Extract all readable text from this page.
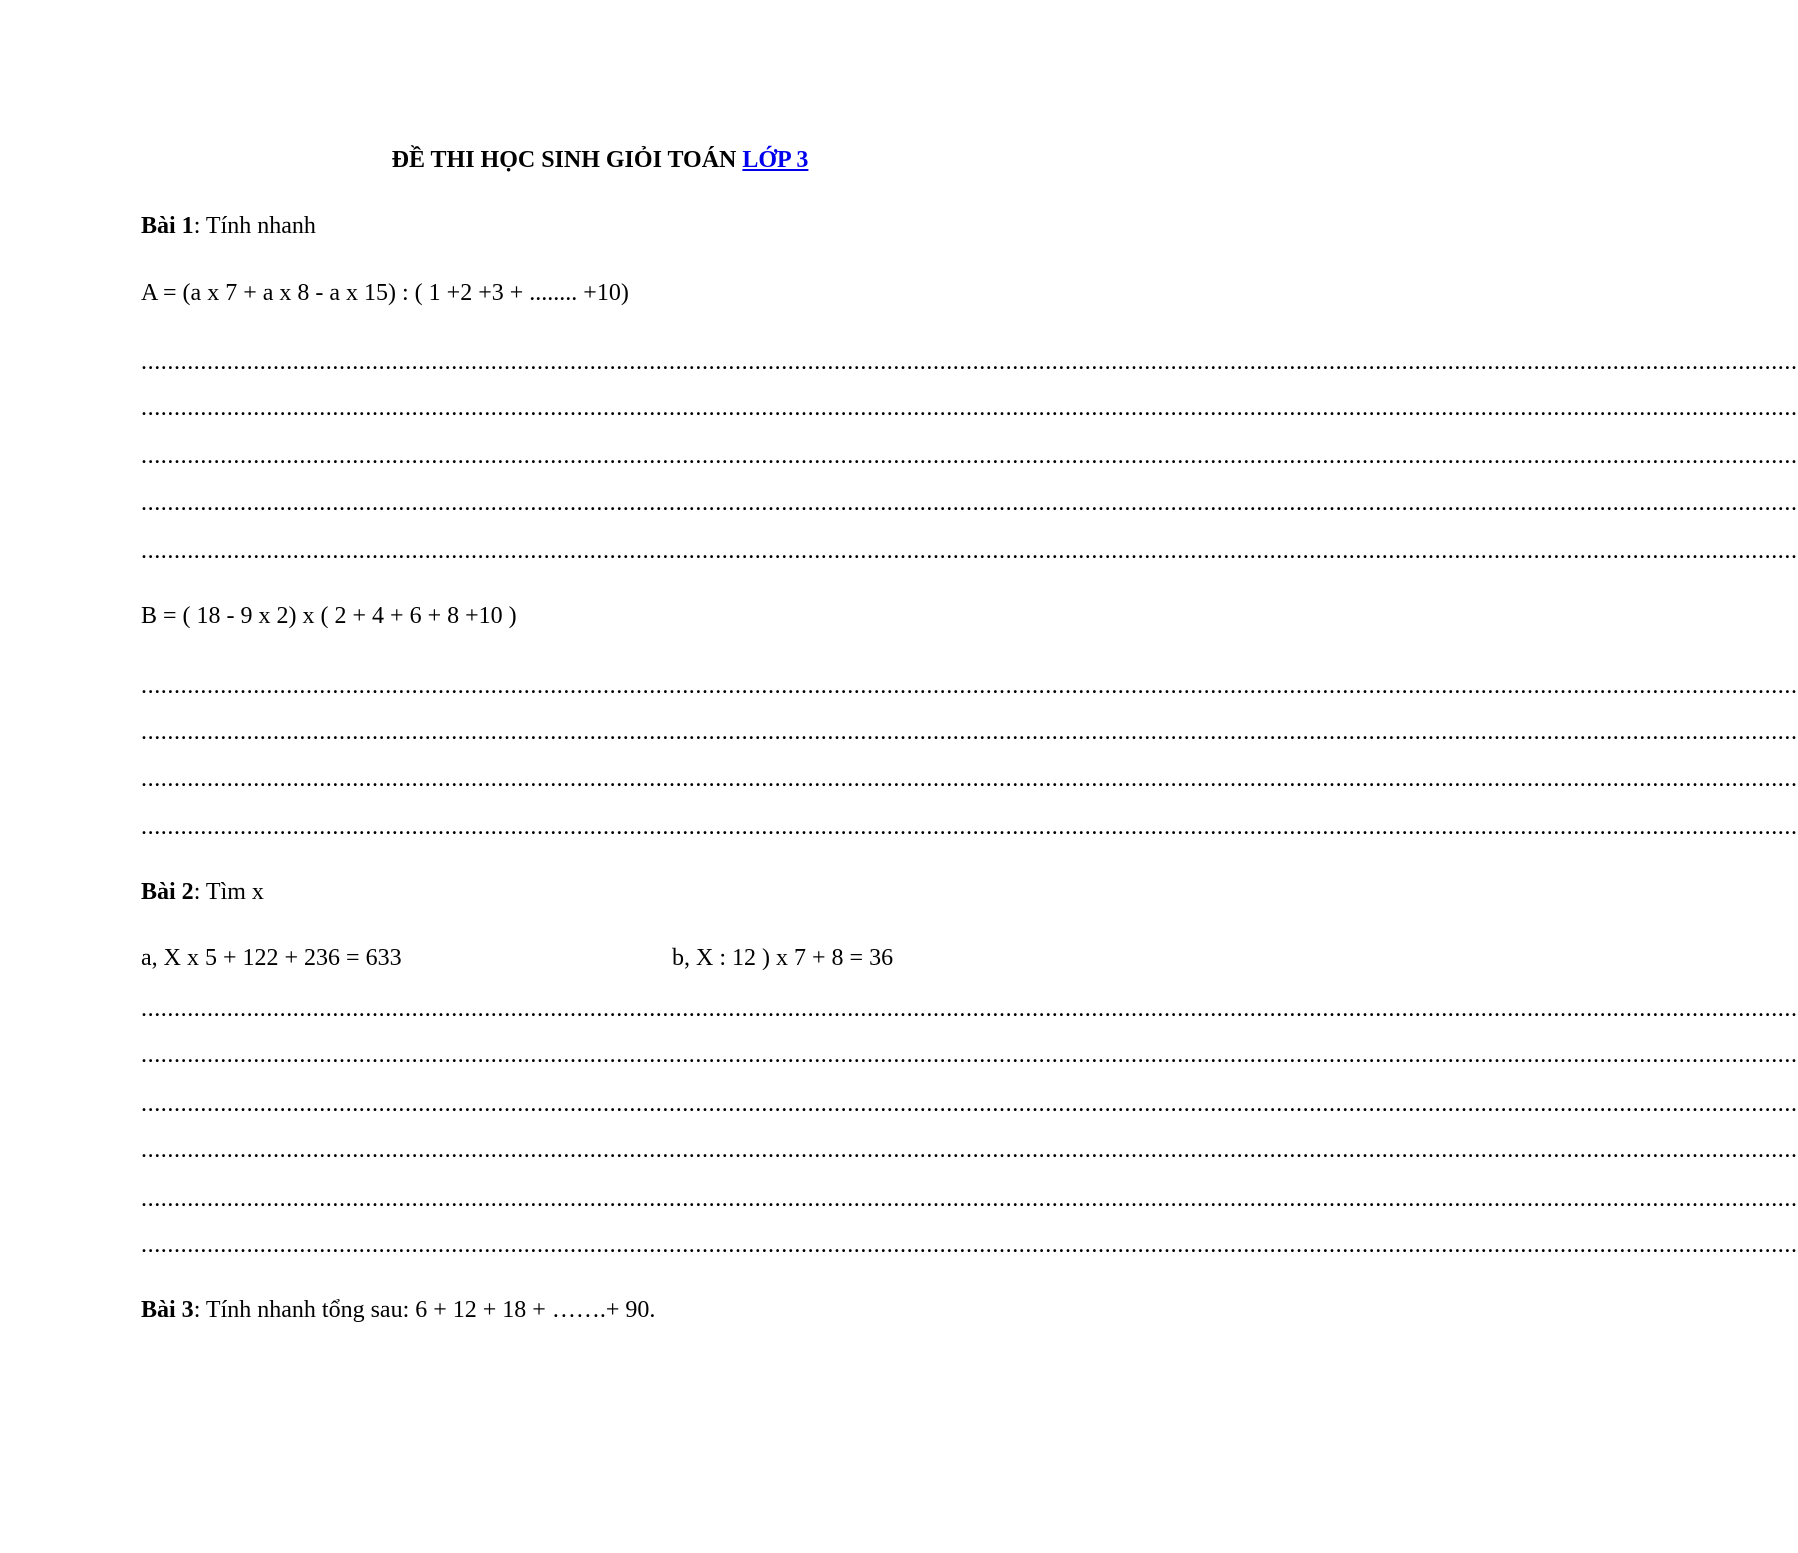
ĐỀ THI HỌC SINH GIỎI TOÁN LỚP 3
Bài 1: Tính nhanh
A = (a x 7 + a x 8 - a x 15) : ( 1 +2 +3 + ........ +10)
...........................................................................................................................................................................................................................................................
...........................................................................................................................................................................................................................................................
...........................................................................................................................................................................................................................................................
...........................................................................................................................................................................................................................................................
...........................................................................................................................................................................................................................................................
B = ( 18 - 9 x 2) x ( 2 + 4 + 6 + 8 +10 )
...........................................................................................................................................................................................................................................................
...........................................................................................................................................................................................................................................................
...........................................................................................................................................................................................................................................................
...........................................................................................................................................................................................................................................................
Bài 2: Tìm x
a, X x 5 + 122 + 236 = 633	b, X : 12 ) x 7 + 8 = 36
...........................................................................................................................................................................................................................................................
...........................................................................................................................................................................................................................................................
...........................................................................................................................................................................................................................................................
...........................................................................................................................................................................................................................................................
...........................................................................................................................................................................................................................................................
...........................................................................................................................................................................................................................................................
Bài 3: Tính nhanh tổng sau: 6 + 12 + 18 + …….+ 90.
